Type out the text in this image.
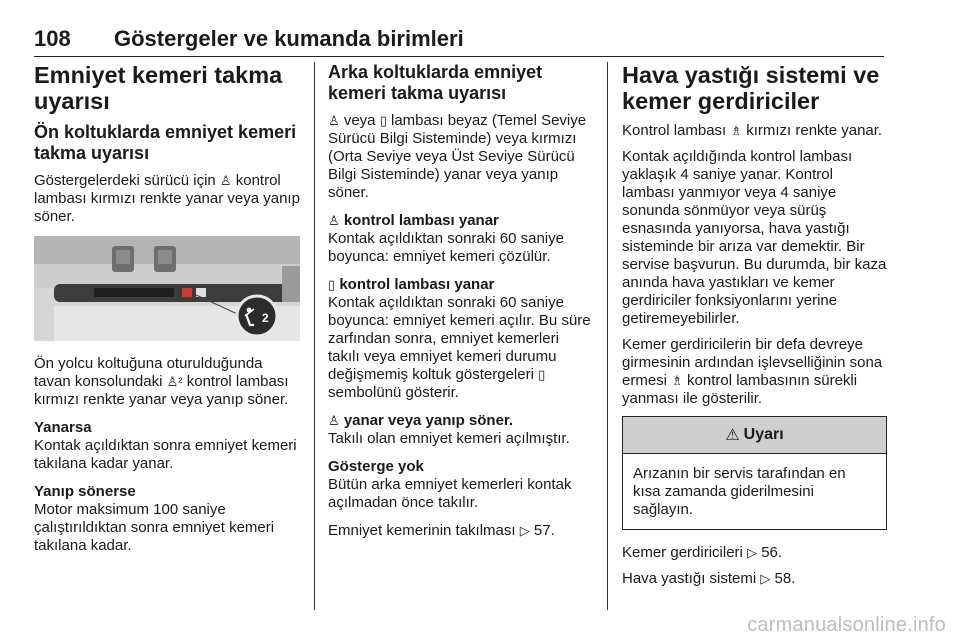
108 Göstergeler ve kumanda birimleri
Emniyet kemeri takma uyarısı
Ön koltuklarda emniyet kemeri takma uyarısı

Göstergelerdeki sürücü için ♙ kontrol lambası kırmızı renkte yanar veya yanıp söner.

2

Ön yolcu koltuğuna oturulduğunda tavan konsolundaki ♙² kontrol lambası kırmızı renkte yanar veya yanıp söner.

Yanarsa

Kontak açıldıktan sonra emniyet kemeri takılana kadar yanar.

Yanıp sönerse

Motor maksimum 100 saniye çalıştırıldıktan sonra emniyet kemeri takılana kadar.

Arka koltuklarda emniyet kemeri takma uyarısı

♙ veya ▯ lambası beyaz (Temel Seviye Sürücü Bilgi Sisteminde) veya kırmızı (Orta Seviye veya Üst Seviye Sürücü Bilgi Sisteminde) yanar veya yanıp söner.

♙ kontrol lambası yanar

Kontak açıldıktan sonraki 60 saniye boyunca: emniyet kemeri çözülür.

▯ kontrol lambası yanar

Kontak açıldıktan sonraki 60 saniye boyunca: emniyet kemeri açılır. Bu süre zarfından sonra, emniyet kemerleri takılı veya emniyet kemeri durumu değişmemiş koltuk göstergeleri ▯ sembolünü gösterir.

♙ yanar veya yanıp söner.

Takılı olan emniyet kemeri açılmıştır.

Gösterge yok

Bütün arka emniyet kemerleri kontak açılmadan önce takılır.

Emniyet kemerinin takılması ▷ 57.

Hava yastığı sistemi ve kemer gerdiriciler

Kontrol lambası ♗ kırmızı renkte yanar.

Kontak açıldığında kontrol lambası yaklaşık 4 saniye yanar. Kontrol lambası yanmıyor veya 4 saniye sonunda sönmüyor veya sürüş esnasında yanıyorsa, hava yastığı sisteminde bir arıza var demektir. Bir servise başvurun. Bu durumda, bir kaza anında hava yastıkları ve kemer gerdiriciler fonksiyonlarını yerine getiremeyebilirler.

Kemer gerdiricilerin bir defa devreye girmesinin ardından işlevselliğinin sona ermesi ♗ kontrol lambasının sürekli yanması ile gösterilir.

⚠ Uyarı
Arızanın bir servis tarafından en kısa zamanda giderilmesini sağlayın.

Kemer gerdiricileri ▷ 56.

Hava yastığı sistemi ▷ 58.

carmanualsonline.info
